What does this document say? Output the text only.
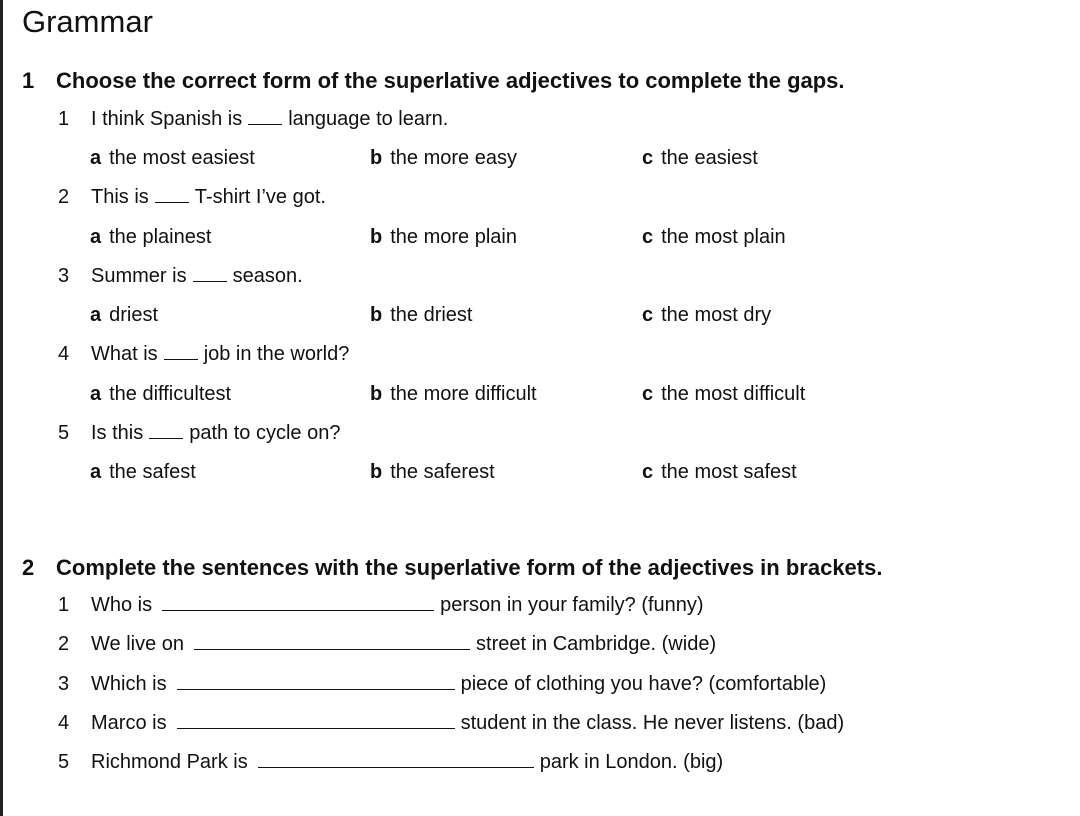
Grammar
1 Choose the correct form of the superlative adjectives to complete the gaps.
1	I think Spanish is language to learn.
a the most easiest	b the more easy	c the easiest
2	This is T-shirt I’ve got.
a the plainest	b the more plain	c the most plain
3	Summer is season.
a driest	b the driest	c the most dry
4	What is job in the world?
a the difficultest	b the more difficult	c the most difficult
5	Is this path to cycle on?
a the safest	b the saferest	c the most safest
2 Complete the sentences with the superlative form of the adjectives in brackets.
1	Who is	person in your family? (funny)
2	We live on	street in Cambridge. (wide)
3	Which is	piece of clothing you have? (comfortable)
4	Marco is	student in the class. He never listens. (bad)
5	Richmond Park is	park in London. (big)
